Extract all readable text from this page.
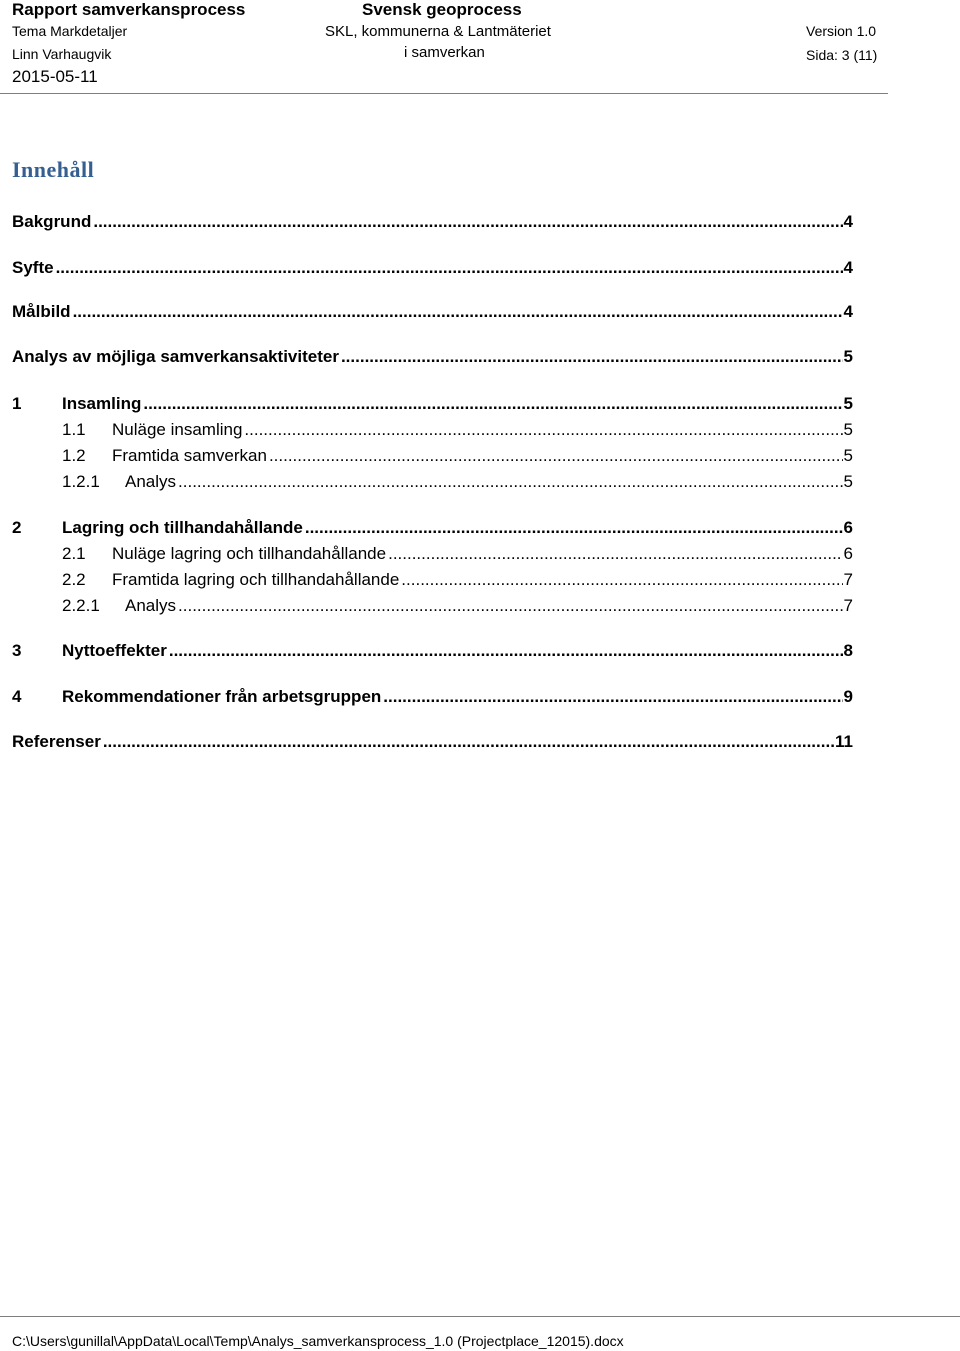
Rapport samverkansprocess	Svensk geoprocess
Tema Markdetaljer	SKL, kommunerna & Lantmäteriet	Version 1.0
Linn Varhaugvik	i samverkan	Sida: 3 (11)
2015-05-11
Innehåll
Bakgrund .....	4
Syfte .....	4
Målbild .....	4
Analys av möjliga samverkansaktiviteter .....	5
1	Insamling .....	5
1.1	Nuläge insamling .....	5
1.2	Framtida samverkan .....	5
1.2.1	Analys .....	5
2	Lagring och tillhandahållande .....	6
2.1	Nuläge lagring och tillhandahållande .....	6
2.2	Framtida lagring och tillhandahållande .....	7
2.2.1	Analys .....	7
3	Nyttoeffekter .....	8
4	Rekommendationer från arbetsgruppen .....	9
Referenser .....	11
C:\Users\gunillal\AppData\Local\Temp\Analys_samverkansprocess_1.0 (Projectplace_12015).docx
